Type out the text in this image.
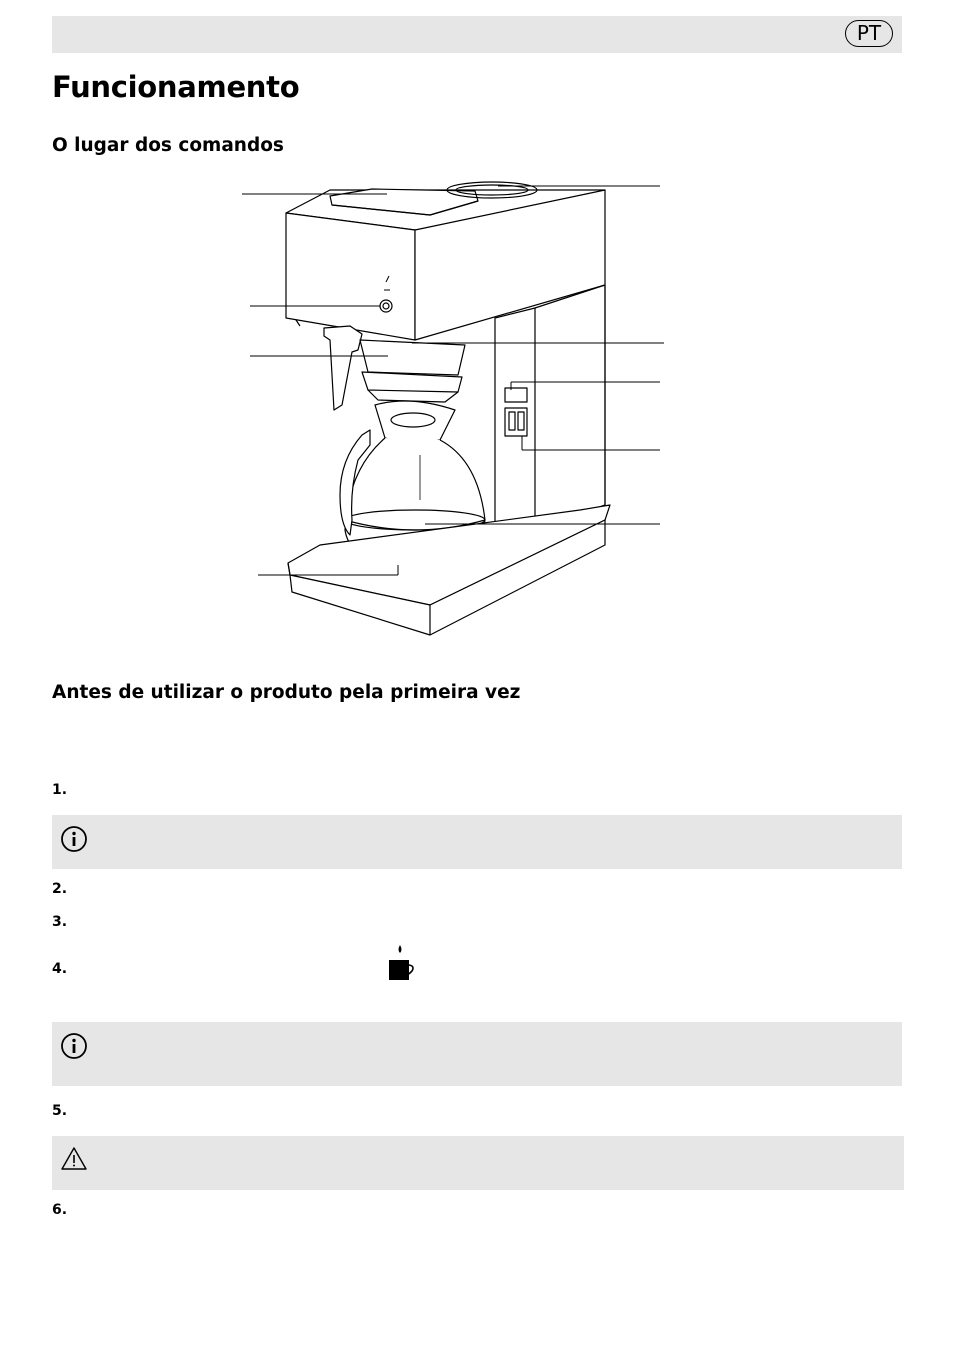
PT
Funcionamento
O lugar dos comandos
Antes de utilizar o produto pela primeira vez
1.
2.
3.
4.
5.
6.
